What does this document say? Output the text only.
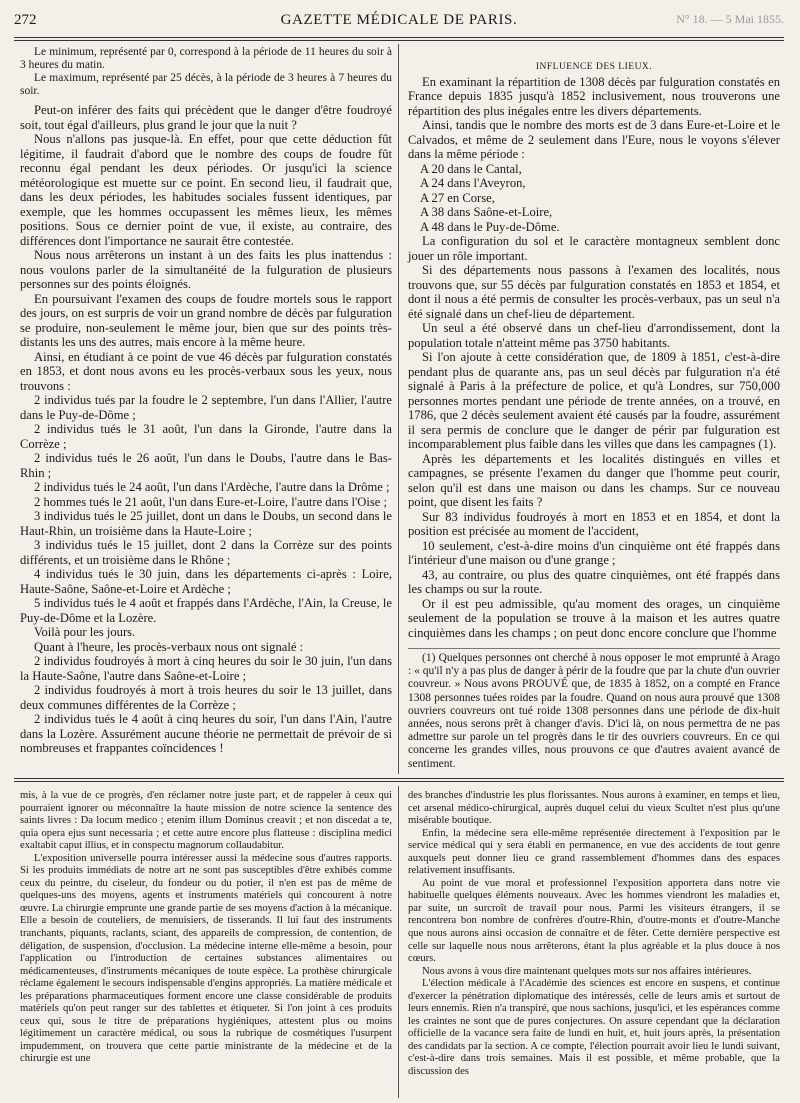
272	GAZETTE MÉDICALE DE PARIS.	N° 18. — 5 Mai 1855.

Le minimum, représenté par 0, correspond à la période de 11 heures du soir à 3 heures du matin.

Le maximum, représenté par 25 décès, à la période de 3 heures à 7 heures du soir.

Peut-on inférer des faits qui précèdent que le danger d'être foudroyé soit, tout égal d'ailleurs, plus grand le jour que la nuit ?

Nous n'allons pas jusque-là. En effet, pour que cette déduction fût légitime, il faudrait d'abord que le nombre des coups de foudre fût reconnu égal pendant les deux périodes. Or jusqu'ici la science météorologique est muette sur ce point. En second lieu, il faudrait que, dans les deux périodes, les habitudes sociales fussent identiques, par exemple, que les hommes occupassent les mêmes lieux, les mêmes positions. Sous ce dernier point de vue, il existe, au contraire, des différences dont l'importance ne saurait être contestée.

Nous nous arrêterons un instant à un des faits les plus inattendus : nous voulons parler de la simultanéité de la fulguration de plusieurs personnes sur des points éloignés.

En poursuivant l'examen des coups de foudre mortels sous le rapport des jours, on est surpris de voir un grand nombre de décès par fulguration se produire, non-seulement le même jour, bien que sur des points très-distants les uns des autres, mais encore à la même heure.

Ainsi, en étudiant à ce point de vue 46 décès par fulguration constatés en 1853, et dont nous avons eu les procès-verbaux sous les yeux, nous trouvons :

2 individus tués par la foudre le 2 septembre, l'un dans l'Allier, l'autre dans le Puy-de-Dôme ;

2 individus tués le 31 août, l'un dans la Gironde, l'autre dans la Corrèze ;

2 individus tués le 26 août, l'un dans le Doubs, l'autre dans le Bas-Rhin ;

2 individus tués le 24 août, l'un dans l'Ardèche, l'autre dans la Drôme ;

2 hommes tués le 21 août, l'un dans Eure-et-Loire, l'autre dans l'Oise ;

3 individus tués le 25 juillet, dont un dans le Doubs, un second dans le Haut-Rhin, un troisième dans la Haute-Loire ;

3 individus tués le 15 juillet, dont 2 dans la Corrèze sur des points différents, et un troisième dans le Rhône ;

4 individus tués le 30 juin, dans les départements ci-après : Loire, Haute-Saône, Saône-et-Loire et Ardèche ;

5 individus tués le 4 août et frappés dans l'Ardèche, l'Ain, la Creuse, le Puy-de-Dôme et la Lozère.

Voilà pour les jours.

Quant à l'heure, les procès-verbaux nous ont signalé :

2 individus foudroyés à mort à cinq heures du soir le 30 juin, l'un dans la Haute-Saône, l'autre dans Saône-et-Loire ;

2 individus foudroyés à mort à trois heures du soir le 13 juillet, dans deux communes différentes de la Corrèze ;

2 individus tués le 4 août à cinq heures du soir, l'un dans l'Ain, l'autre dans la Lozère. Assurément aucune théorie ne permettait de prévoir de si nombreuses et frappantes coïncidences !

INFLUENCE DES LIEUX.

En examinant la répartition de 1308 décès par fulguration constatés en France depuis 1835 jusqu'à 1852 inclusivement, nous trouverons une répartition des plus inégales entre les divers départements.

Ainsi, tandis que le nombre des morts est de 3 dans Eure-et-Loire et le Calvados, et même de 2 seulement dans l'Eure, nous le voyons s'élever dans la même période :

A 20 dans le Cantal,

A 24 dans l'Aveyron,

A 27 en Corse,

A 38 dans Saône-et-Loire,

A 48 dans le Puy-de-Dôme.

La configuration du sol et le caractère montagneux semblent donc jouer un rôle important.

Si des départements nous passons à l'examen des localités, nous trouvons que, sur 55 décès par fulguration constatés en 1853 et 1854, et dont il nous a été permis de consulter les procès-verbaux, pas un seul n'a été signalé dans un chef-lieu de département.

Un seul a été observé dans un chef-lieu d'arrondissement, dont la population totale n'atteint même pas 3750 habitants.

Si l'on ajoute à cette considération que, de 1809 à 1851, c'est-à-dire pendant plus de quarante ans, pas un seul décès par fulguration n'a été signalé à Paris à la préfecture de police, et qu'à Londres, sur 750,000 personnes mortes pendant une période de trente années, on a trouvé, en 1786, que 2 décès seulement avaient été causés par la foudre, assurément il sera permis de conclure que le danger de périr par fulguration est incomparablement plus faible dans les villes que dans les campagnes (1).

Après les départements et les localités distingués en villes et campagnes, se présente l'examen du danger que l'homme peut courir, selon qu'il est dans une maison ou dans les champs. Sur ce nouveau point, que disent les faits ?

Sur 83 individus foudroyés à mort en 1853 et en 1854, et dont la position est précisée au moment de l'accident,

10 seulement, c'est-à-dire moins d'un cinquième ont été frappés dans l'intérieur d'une maison ou d'une grange ;

43, au contraire, ou plus des quatre cinquièmes, ont été frappés dans les champs ou sur la route.

Or il est peu admissible, qu'au moment des orages, un cinquième seulement de la population se trouve à la maison et les autres quatre cinquièmes dans les champs ; on peut donc encore conclure que l'homme

(1) Quelques personnes ont cherché à nous opposer le mot emprunté à Arago : « qu'il n'y a pas plus de danger à périr de la foudre que par la chute d'un ouvrier couvreur. » Nous avons PROUVÉ que, de 1835 à 1852, on a compté en France 1308 personnes tuées roides par la foudre. Quand on nous aura prouvé que 1308 ouvriers couvreurs ont tué roide 1308 personnes dans une période de dix-huit années, nous serons prêt à changer d'avis. D'ici là, on nous permettra de ne pas admettre sur parole un tel progrès dans le tir des ouvriers couvreurs. En ce qui concerne les grandes villes, nous prouvons ce que d'autres avaient avancé de sentiment.

mis, à la vue de ce progrès, d'en réclamer notre juste part, et de rappeler à ceux qui pourraient ignorer ou méconnaître la haute mission de notre science la sentence des saints livres : Da locum medico ; etenim illum Dominus creavit ; et non discedat a te, quia opera ejus sunt necessaria ; et cette autre encore plus flatteuse : disciplina medici exaltabit caput illius, et in conspectu magnorum collaudabitur.

L'exposition universelle pourra intéresser aussi la médecine sous d'autres rapports. Si les produits immédiats de notre art ne sont pas susceptibles d'être exhibés comme ceux du peintre, du ciseleur, du fondeur ou du potier, il n'en est pas de même de quelques-uns des moyens, agents et instruments matériels qui concourent à notre œuvre. La chirurgie emprunte une grande partie de ses moyens d'action à la mécanique. Elle a besoin de couteliers, de menuisiers, de tisserands. Il lui faut des instruments tranchants, piquants, raclants, sciant, des appareils de compression, de contention, de déligation, de suspension, d'occlusion. La médecine interne elle-même a besoin, pour l'application ou l'introduction de certaines substances alimentaires ou médicamenteuses, d'instruments mécaniques de toute espèce. La prothèse chirurgicale réclame également le secours indispensable d'engins appropriés. La matière médicale et les préparations pharmaceutiques forment encore une classe considérable de produits matériels qu'on peut ranger sur des tablettes et étiqueter. Si l'on joint à ces produits ceux qui, sous le titre de préparations hygiéniques, attestent plus ou moins légitimement un caractère médical, ou sous la rubrique de cosmétiques l'usurpent impudemment, on trouvera que cette partie ministrante de la médecine et de la chirurgie est une

des branches d'industrie les plus florissantes. Nous aurons à examiner, en temps et lieu, cet arsenal médico-chirurgical, auprès duquel celui du vieux Scultet n'est plus qu'une misérable boutique.

Enfin, la médecine sera elle-même représentée directement à l'exposition par le service médical qui y sera établi en permanence, en vue des accidents de tout genre auxquels peut donner lieu ce grand rassemblement d'hommes dans des espaces relativement insuffisants.

Au point de vue moral et professionnel l'exposition apportera dans notre vie habituelle quelques éléments nouveaux. Avec les hommes viendront les maladies et, par suite, un surcroît de travail pour nous. Parmi les visiteurs étrangers, il se rencontrera bon nombre de confrères d'outre-Rhin, d'outre-monts et d'outre-Manche que nous aurons ainsi occasion de connaître et de fêter. Cette dernière perspective est celle sur laquelle nous nous arrêterons, étant la plus agréable et la plus douce à nos cœurs.

Nous avons à vous dire maintenant quelques mots sur nos affaires intérieures.

L'élection médicale à l'Académie des sciences est encore en suspens, et continue d'exercer la pénétration diplomatique des intéressés, celle de leurs amis et surtout de leurs ennemis. Rien n'a transpiré, que nous sachions, jusqu'ici, et les espérances comme les craintes ne sont que de pures conjectures. On assure cependant que la déclaration officielle de la vacance sera faite de lundi en huit, et, huit jours après, la présentation des candidats par la section. A ce compte, l'élection pourrait avoir lieu le lundi suivant, c'est-à-dire dans trois semaines. Mais il est possible, et même probable, que la discussion des
